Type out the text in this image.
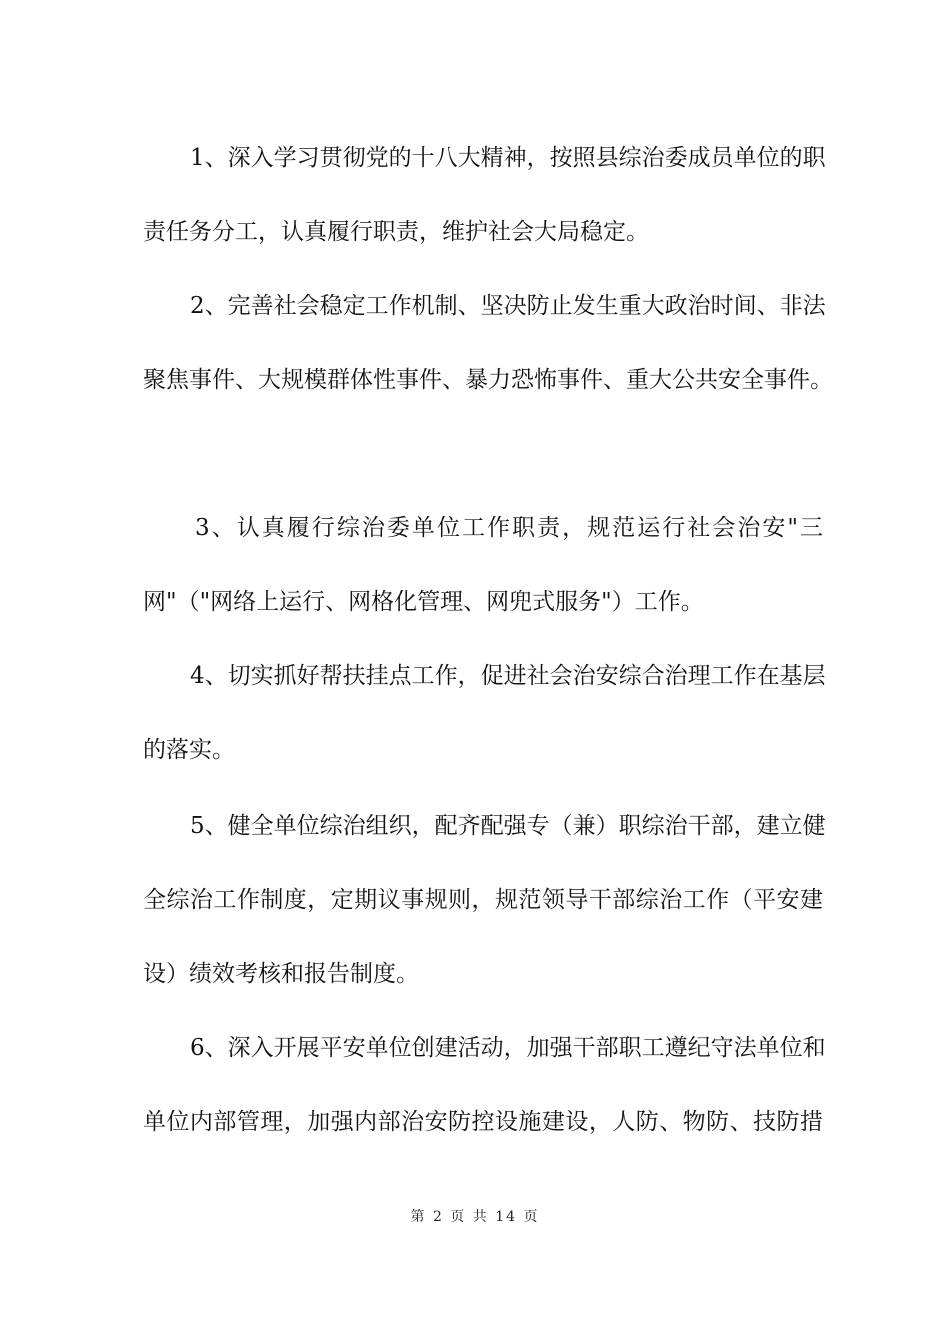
1、深入学习贯彻党的十八大精神，按照县综治委成员单位的职
责任务分工，认真履行职责，维护社会大局稳定。
2、完善社会稳定工作机制、坚决防止发生重大政治时间、非法
聚焦事件、大规模群体性事件、暴力恐怖事件、重大公共安全事件。
3、认真履行综治委单位工作职责，规范运行社会治安"三
网"（"网络上运行、网格化管理、网兜式服务"）工作。
4、切实抓好帮扶挂点工作，促进社会治安综合治理工作在基层
的落实。
5、健全单位综治组织，配齐配强专（兼）职综治干部，建立健
全综治工作制度，定期议事规则，规范领导干部综治工作（平安建
设）绩效考核和报告制度。
6、深入开展平安单位创建活动，加强干部职工遵纪守法单位和
单位内部管理，加强内部治安防控设施建设，人防、物防、技防措
第 2 页 共 14 页
